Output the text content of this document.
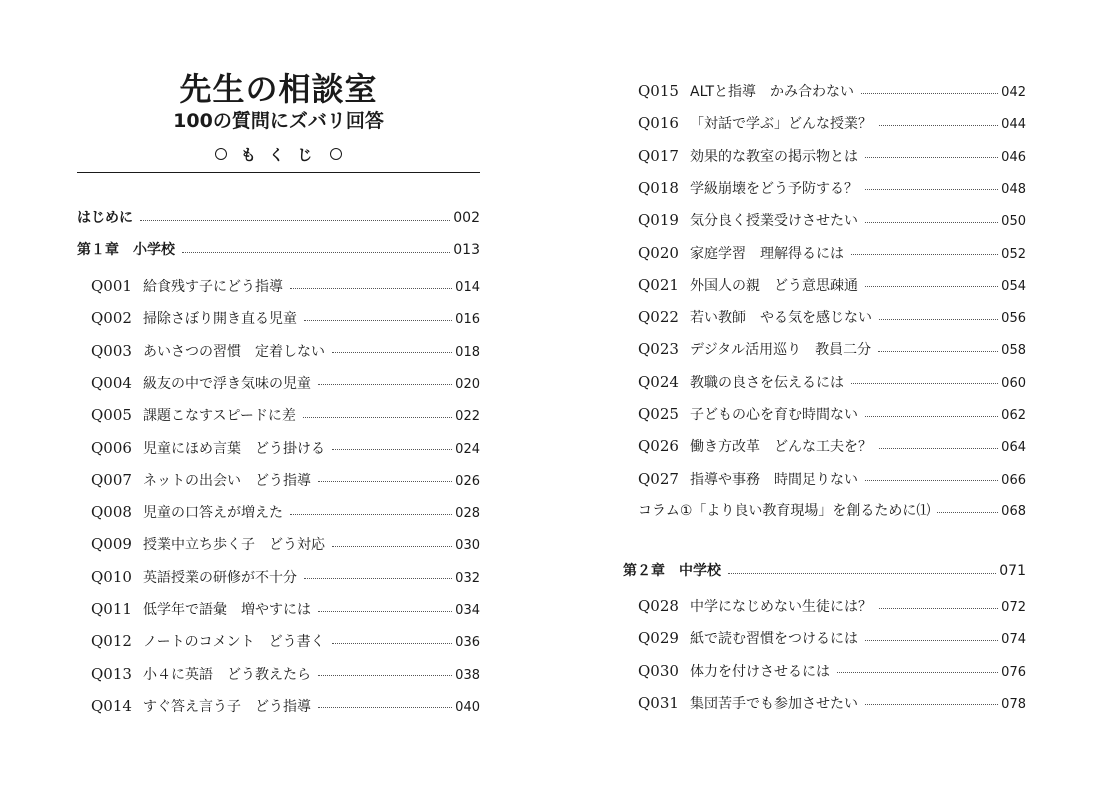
先生の相談室
100の質問にズバリ回答
も く じ
はじめに	002
第１章　小学校	013
Q001 給食残す子にどう指導	014
Q002 掃除さぼり開き直る児童	016
Q003 あいさつの習慣　定着しない	018
Q004 級友の中で浮き気味の児童	020
Q005 課題こなすスピードに差	022
Q006 児童にほめ言葉　どう掛ける	024
Q007 ネットの出会い　どう指導	026
Q008 児童の口答えが増えた	028
Q009 授業中立ち歩く子　どう対応	030
Q010 英語授業の研修が不十分	032
Q011 低学年で語彙　増やすには	034
Q012 ノートのコメント　どう書く	036
Q013 小４に英語　どう教えたら	038
Q014 すぐ答え言う子　どう指導	040
Q015 ALTと指導　かみ合わない	042
Q016 「対話で学ぶ」どんな授業？	044
Q017 効果的な教室の掲示物とは	046
Q018 学級崩壊をどう予防する？	048
Q019 気分良く授業受けさせたい	050
Q020 家庭学習　理解得るには	052
Q021 外国人の親　どう意思疎通	054
Q022 若い教師　やる気を感じない	056
Q023 デジタル活用巡り　教員二分	058
Q024 教職の良さを伝えるには	060
Q025 子どもの心を育む時間ない	062
Q026 働き方改革　どんな工夫を？	064
Q027 指導や事務　時間足りない	066
コラム①「より良い教育現場」を創るために⑴	068
第２章　中学校	071
Q028 中学になじめない生徒には？	072
Q029 紙で読む習慣をつけるには	074
Q030 体力を付けさせるには	076
Q031 集団苦手でも参加させたい	078
